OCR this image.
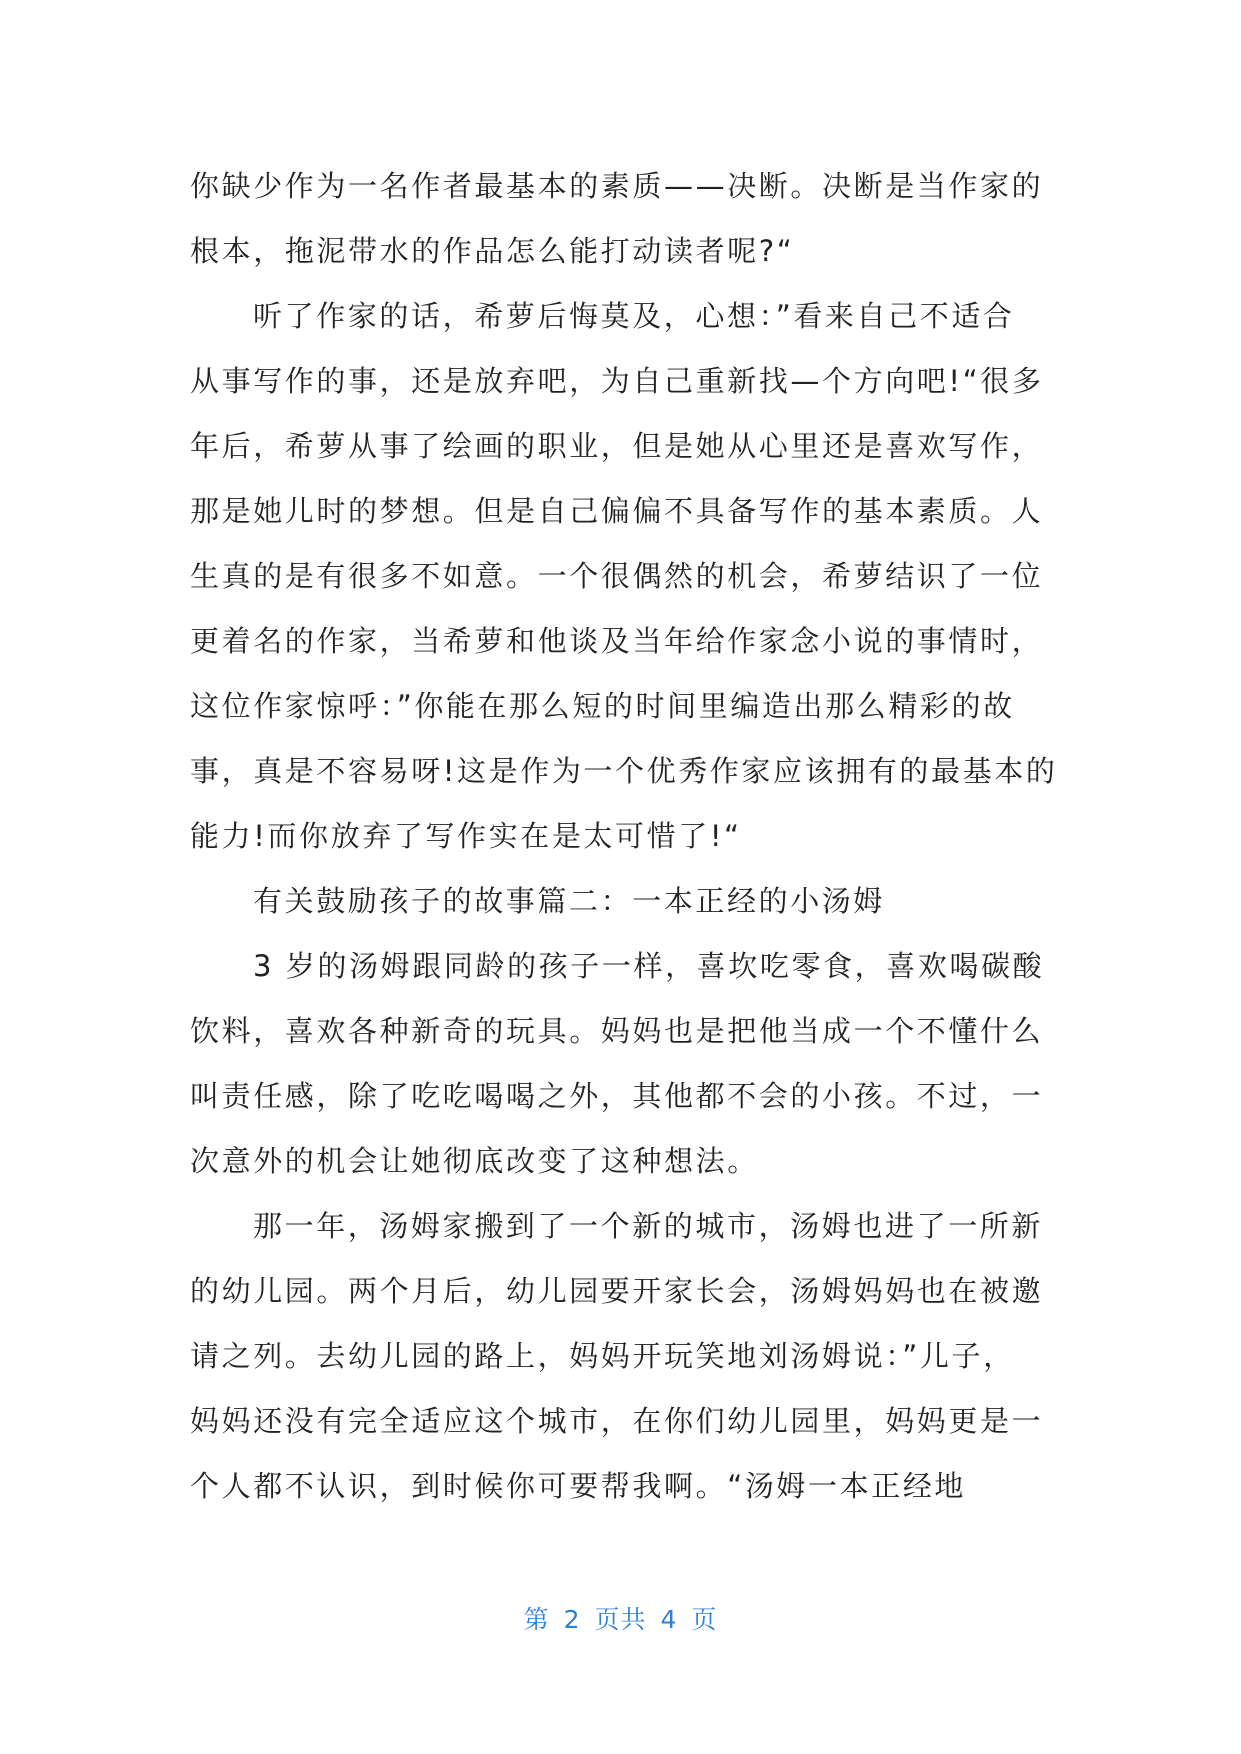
你缺少作为一名作者最基本的素质——决断。决断是当作家的
根本，拖泥带水的作品怎么能打动读者呢?“
听了作家的话，希萝后悔莫及，心想：”看来自己不适合
从事写作的事，还是放弃吧，为自己重新找—个方向吧!“很多
年后，希萝从事了绘画的职业，但是她从心里还是喜欢写作，
那是她儿时的梦想。但是自己偏偏不具备写作的基本素质。人
生真的是有很多不如意。一个很偶然的机会，希萝结识了一位
更着名的作家，当希萝和他谈及当年给作家念小说的事情时，
这位作家惊呼：”你能在那么短的时间里编造出那么精彩的故
事，真是不容易呀!这是作为一个优秀作家应该拥有的最基本的
能力!而你放弃了写作实在是太可惜了!“
有关鼓励孩子的故事篇二：一本正经的小汤姆
3 岁的汤姆跟同龄的孩子一样，喜坎吃零食，喜欢喝碳酸
饮料，喜欢各种新奇的玩具。妈妈也是把他当成一个不懂什么
叫责任感，除了吃吃喝喝之外，其他都不会的小孩。不过，一
次意外的机会让她彻底改变了这种想法。
那一年，汤姆家搬到了一个新的城市，汤姆也进了一所新
的幼儿园。两个月后，幼儿园要开家长会，汤姆妈妈也在被邀
请之列。去幼儿园的路上，妈妈开玩笑地刘汤姆说：”儿子，
妈妈还没有完全适应这个城市，在你们幼儿园里，妈妈更是一
个人都不认识，到时候你可要帮我啊。“汤姆一本正经地
第 2 页共 4 页
